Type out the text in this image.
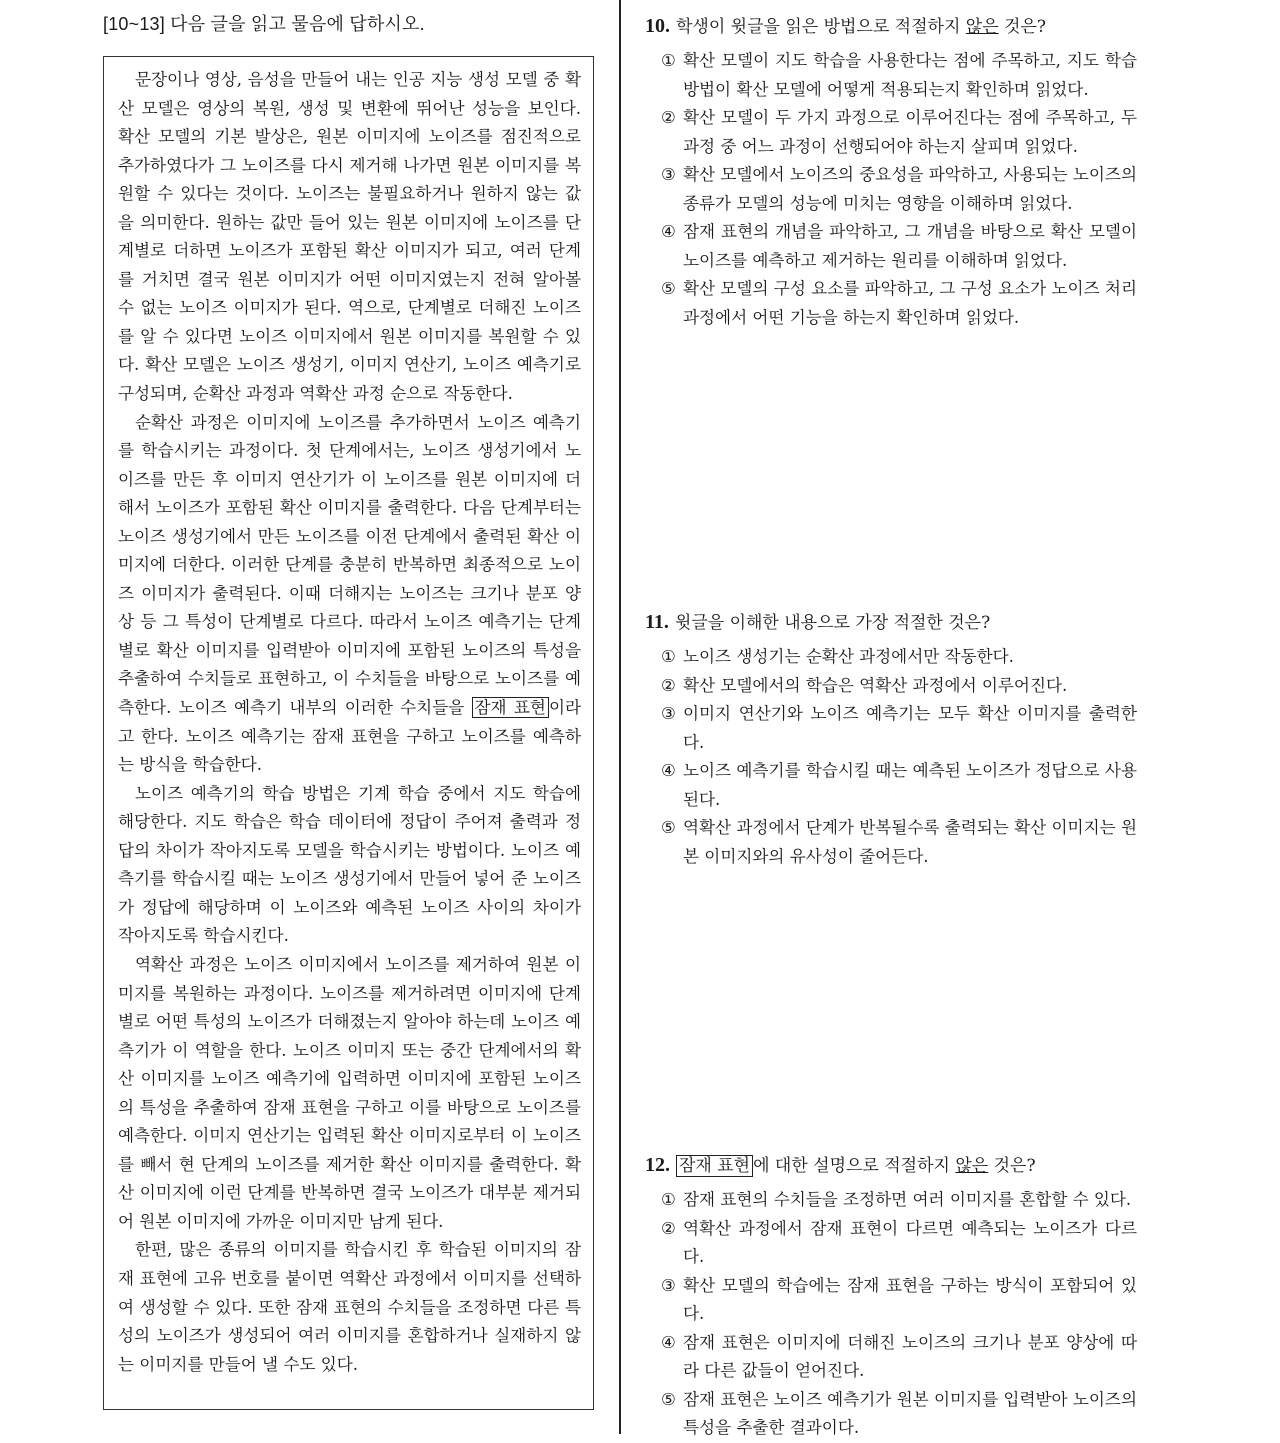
[10~13] 다음 글을 읽고 물음에 답하시오.

문장이나 영상, 음성을 만들어 내는 인공 지능 생성 모델 중 확산 모델은 영상의 복원, 생성 및 변환에 뛰어난 성능을 보인다. 확산 모델의 기본 발상은, 원본 이미지에 노이즈를 점진적으로 추가하였다가 그 노이즈를 다시 제거해 나가면 원본 이미지를 복원할 수 있다는 것이다. 노이즈는 불필요하거나 원하지 않는 값을 의미한다. 원하는 값만 들어 있는 원본 이미지에 노이즈를 단계별로 더하면 노이즈가 포함된 확산 이미지가 되고, 여러 단계를 거치면 결국 원본 이미지가 어떤 이미지였는지 전혀 알아볼 수 없는 노이즈 이미지가 된다. 역으로, 단계별로 더해진 노이즈를 알 수 있다면 노이즈 이미지에서 원본 이미지를 복원할 수 있다. 확산 모델은 노이즈 생성기, 이미지 연산기, 노이즈 예측기로 구성되며, 순확산 과정과 역확산 과정 순으로 작동한다.

순확산 과정은 이미지에 노이즈를 추가하면서 노이즈 예측기를 학습시키는 과정이다. 첫 단계에서는, 노이즈 생성기에서 노이즈를 만든 후 이미지 연산기가 이 노이즈를 원본 이미지에 더해서 노이즈가 포함된 확산 이미지를 출력한다. 다음 단계부터는 노이즈 생성기에서 만든 노이즈를 이전 단계에서 출력된 확산 이미지에 더한다. 이러한 단계를 충분히 반복하면 최종적으로 노이즈 이미지가 출력된다. 이때 더해지는 노이즈는 크기나 분포 양상 등 그 특성이 단계별로 다르다. 따라서 노이즈 예측기는 단계별로 확산 이미지를 입력받아 이미지에 포함된 노이즈의 특성을 추출하여 수치들로 표현하고, 이 수치들을 바탕으로 노이즈를 예측한다. 노이즈 예측기 내부의 이러한 수치들을 잠재 표현 이라고 한다. 노이즈 예측기는 잠재 표현을 구하고 노이즈를 예측하는 방식을 학습한다.

노이즈 예측기의 학습 방법은 기계 학습 중에서 지도 학습에 해당한다. 지도 학습은 학습 데이터에 정답이 주어져 출력과 정답의 차이가 작아지도록 모델을 학습시키는 방법이다. 노이즈 예측기를 학습시킬 때는 노이즈 생성기에서 만들어 넣어 준 노이즈가 정답에 해당하며 이 노이즈와 예측된 노이즈 사이의 차이가 작아지도록 학습시킨다.

역확산 과정은 노이즈 이미지에서 노이즈를 제거하여 원본 이미지를 복원하는 과정이다. 노이즈를 제거하려면 이미지에 단계별로 어떤 특성의 노이즈가 더해졌는지 알아야 하는데 노이즈 예측기가 이 역할을 한다. 노이즈 이미지 또는 중간 단계에서의 확산 이미지를 노이즈 예측기에 입력하면 이미지에 포함된 노이즈의 특성을 추출하여 잠재 표현을 구하고 이를 바탕으로 노이즈를 예측한다. 이미지 연산기는 입력된 확산 이미지로부터 이 노이즈를 빼서 현 단계의 노이즈를 제거한 확산 이미지를 출력한다. 확산 이미지에 이런 단계를 반복하면 결국 노이즈가 대부분 제거되어 원본 이미지에 가까운 이미지만 남게 된다.

한편, 많은 종류의 이미지를 학습시킨 후 학습된 이미지의 잠재 표현에 고유 번호를 붙이면 역확산 과정에서 이미지를 선택하여 생성할 수 있다. 또한 잠재 표현의 수치들을 조정하면 다른 특성의 노이즈가 생성되어 여러 이미지를 혼합하거나 실재하지 않는 이미지를 만들어 낼 수도 있다.

10. 학생이 윗글을 읽은 방법으로 적절하지 않은 것은?
① 확산 모델이 지도 학습을 사용한다는 점에 주목하고, 지도 학습 방법이 확산 모델에 어떻게 적용되는지 확인하며 읽었다.
② 확산 모델이 두 가지 과정으로 이루어진다는 점에 주목하고, 두 과정 중 어느 과정이 선행되어야 하는지 살피며 읽었다.
③ 확산 모델에서 노이즈의 중요성을 파악하고, 사용되는 노이즈의 종류가 모델의 성능에 미치는 영향을 이해하며 읽었다.
④ 잠재 표현의 개념을 파악하고, 그 개념을 바탕으로 확산 모델이 노이즈를 예측하고 제거하는 원리를 이해하며 읽었다.
⑤ 확산 모델의 구성 요소를 파악하고, 그 구성 요소가 노이즈 처리 과정에서 어떤 기능을 하는지 확인하며 읽었다.
11. 윗글을 이해한 내용으로 가장 적절한 것은?
① 노이즈 생성기는 순확산 과정에서만 작동한다.
② 확산 모델에서의 학습은 역확산 과정에서 이루어진다.
③ 이미지 연산기와 노이즈 예측기는 모두 확산 이미지를 출력한다.
④ 노이즈 예측기를 학습시킬 때는 예측된 노이즈가 정답으로 사용된다.
⑤ 역확산 과정에서 단계가 반복될수록 출력되는 확산 이미지는 원본 이미지와의 유사성이 줄어든다.
12. 잠재 표현 에 대한 설명으로 적절하지 않은 것은?
① 잠재 표현의 수치들을 조정하면 여러 이미지를 혼합할 수 있다.
② 역확산 과정에서 잠재 표현이 다르면 예측되는 노이즈가 다르다.
③ 확산 모델의 학습에는 잠재 표현을 구하는 방식이 포함되어 있다.
④ 잠재 표현은 이미지에 더해진 노이즈의 크기나 분포 양상에 따라 다른 값들이 얻어진다.
⑤ 잠재 표현은 노이즈 예측기가 원본 이미지를 입력받아 노이즈의 특성을 추출한 결과이다.
